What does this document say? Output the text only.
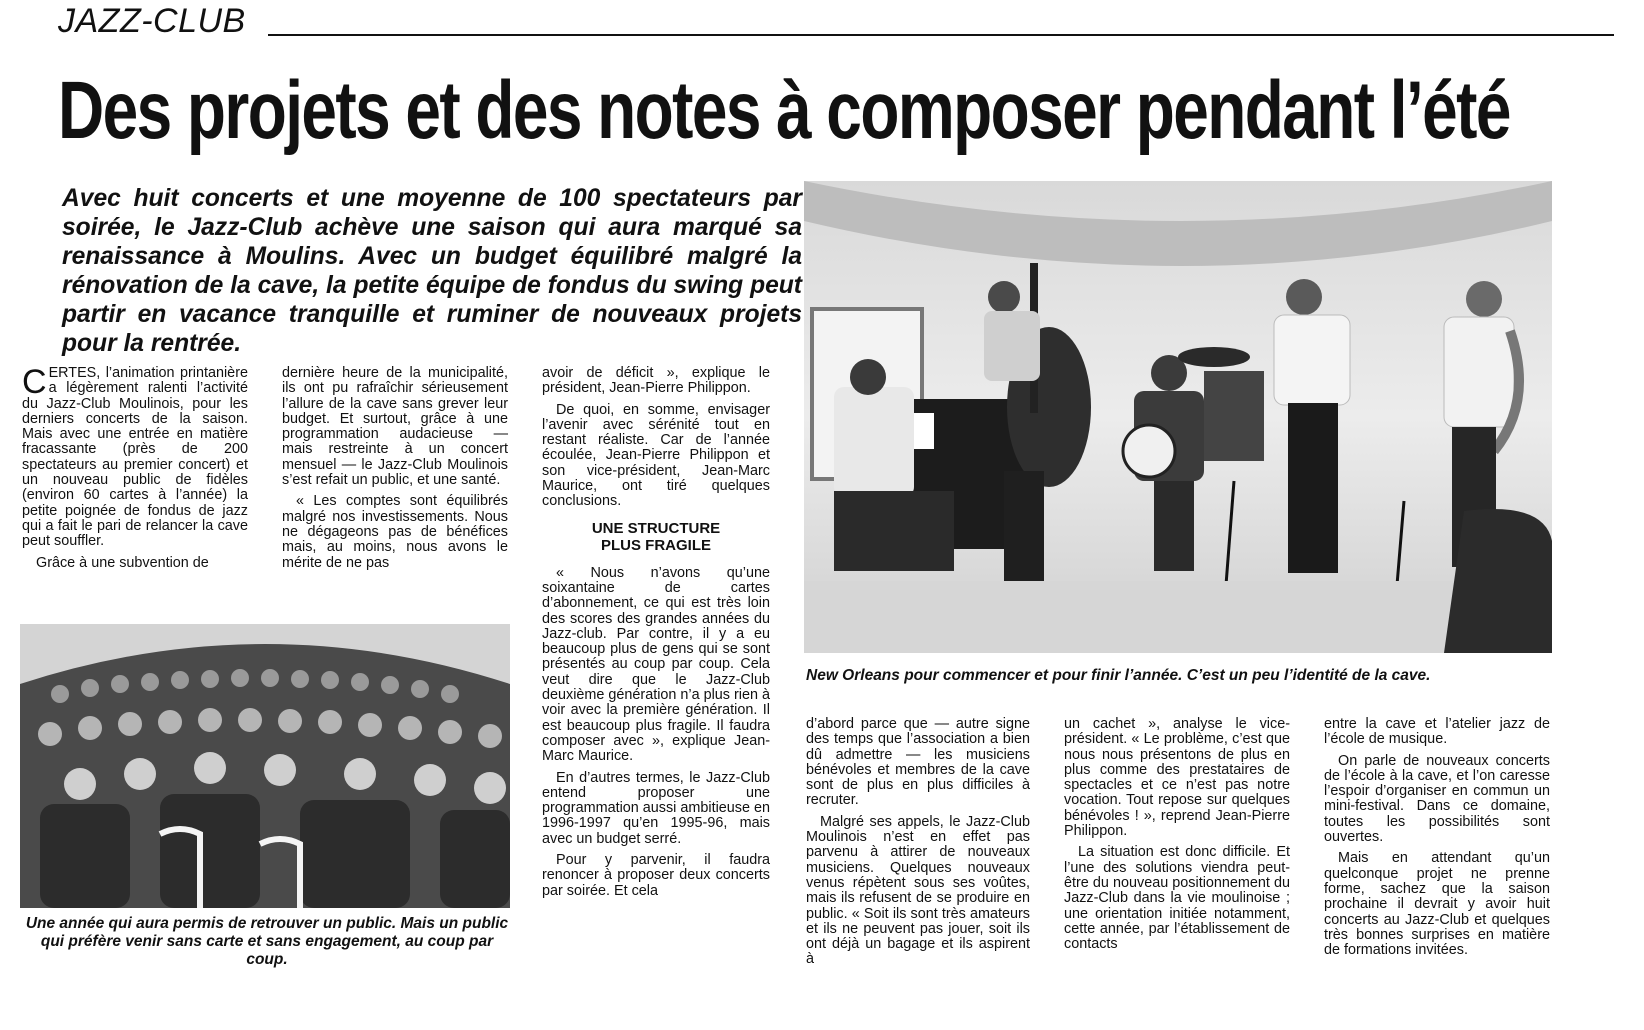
JAZZ-CLUB
Des projets et des notes à composer pendant l’été
Avec huit concerts et une moyenne de 100 spectateurs par soirée, le Jazz-Club achève une saison qui aura marqué sa renaissance à Moulins. Avec un budget équilibré malgré la rénovation de la cave, la petite équipe de fondus du swing peut partir en vacance tranquille et ruminer de nouveaux projets pour la rentrée.

CERTES, l’animation printanière a légèrement ralenti l’activité du Jazz-Club Moulinois, pour les derniers concerts de la saison. Mais avec une entrée en matière fracassante (près de 200 spectateurs au premier concert) et un nouveau public de fidèles (environ 60 cartes à l’année) la petite poignée de fondus de jazz qui a fait le pari de relancer la cave peut souffler.

Grâce à une subvention de

dernière heure de la municipalité, ils ont pu rafraîchir sérieusement l’allure de la cave sans grever leur budget. Et surtout, grâce à une programmation audacieuse — mais restreinte à un concert mensuel — le Jazz-Club Moulinois s’est refait un public, et une santé.

« Les comptes sont équilibrés malgré nos investissements. Nous ne dégageons pas de bénéfices mais, au moins, nous avons le mérite de ne pas

avoir de déficit », explique le président, Jean-Pierre Philippon.

De quoi, en somme, envisager l’avenir avec sérénité tout en restant réaliste. Car de l’année écoulée, Jean-Pierre Philippon et son vice-président, Jean-Marc Maurice, ont tiré quelques conclusions.

UNE STRUCTURE
PLUS FRAGILE

« Nous n’avons qu’une soixantaine de cartes d’abonnement, ce qui est très loin des scores des grandes années du Jazz-club. Par contre, il y a eu beaucoup plus de gens qui se sont présentés au coup par coup. Cela veut dire que le Jazz-Club deuxième génération n’a plus rien à voir avec la première génération. Il est beaucoup plus fragile. Il faudra composer avec », explique Jean-Marc Maurice.

En d’autres termes, le Jazz-Club entend proposer une programmation aussi ambitieuse en 1996-1997 qu’en 1995-96, mais avec un budget serré.

Pour y parvenir, il faudra renoncer à proposer deux concerts par soirée. Et cela

d’abord parce que — autre signe des temps que l’association a bien dû admettre — les musiciens bénévoles et membres de la cave sont de plus en plus difficiles à recruter.

Malgré ses appels, le Jazz-Club Moulinois n’est en effet pas parvenu à attirer de nouveaux musiciens. Quelques nouveaux venus répètent sous ses voûtes, mais ils refusent de se produire en public. « Soit ils sont très amateurs et ils ne peuvent pas jouer, soit ils ont déjà un bagage et ils aspirent à

un cachet », analyse le vice-président. « Le problème, c’est que nous nous présentons de plus en plus comme des prestataires de spectacles et ce n’est pas notre vocation. Tout repose sur quelques bénévoles ! », reprend Jean-Pierre Philippon.

La situation est donc difficile. Et l’une des solutions viendra peut-être du nouveau positionnement du Jazz-Club dans la vie moulinoise ; une orientation initiée notamment, cette année, par l’établissement de contacts

entre la cave et l’atelier jazz de l’école de musique.

On parle de nouveaux concerts de l’école à la cave, et l’on caresse l’espoir d’organiser en commun un mini-festival. Dans ce domaine, toutes les possibilités sont ouvertes.

Mais en attendant qu’un quelconque projet ne prenne forme, sachez que la saison prochaine il devrait y avoir huit concerts au Jazz-Club et quelques très bonnes surprises en matière de formations invitées.

New Orleans pour commencer et pour finir l’année. C’est un peu l’identité de la cave.
Une année qui aura permis de retrouver un public. Mais un public qui préfère venir sans carte et sans engagement, au coup par coup.
